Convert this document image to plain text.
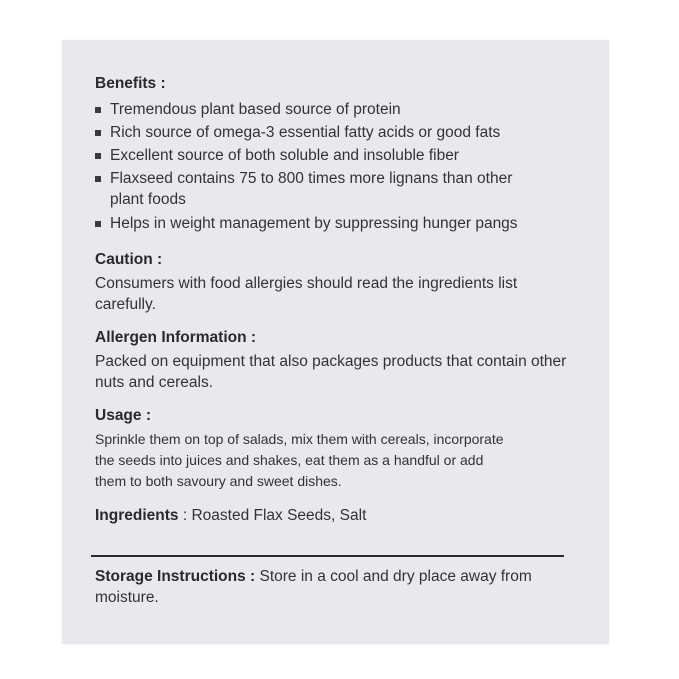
Benefits :
Tremendous plant based source of protein
Rich source of omega-3 essential fatty acids or good fats
Excellent source of both soluble and insoluble fiber
Flaxseed contains 75 to 800 times more lignans than other plant foods
Helps in weight management by suppressing hunger pangs
Caution :
Consumers with food allergies should read the ingredients list carefully.
Allergen Information :
Packed on equipment that also packages products that contain other nuts and cereals.
Usage :
Sprinkle them on top of salads, mix them with cereals, incorporate the seeds into juices and shakes, eat them as a handful or add them to both savoury and sweet dishes.
Ingredients : Roasted Flax Seeds, Salt
Storage Instructions : Store in a cool and dry place away from moisture.
